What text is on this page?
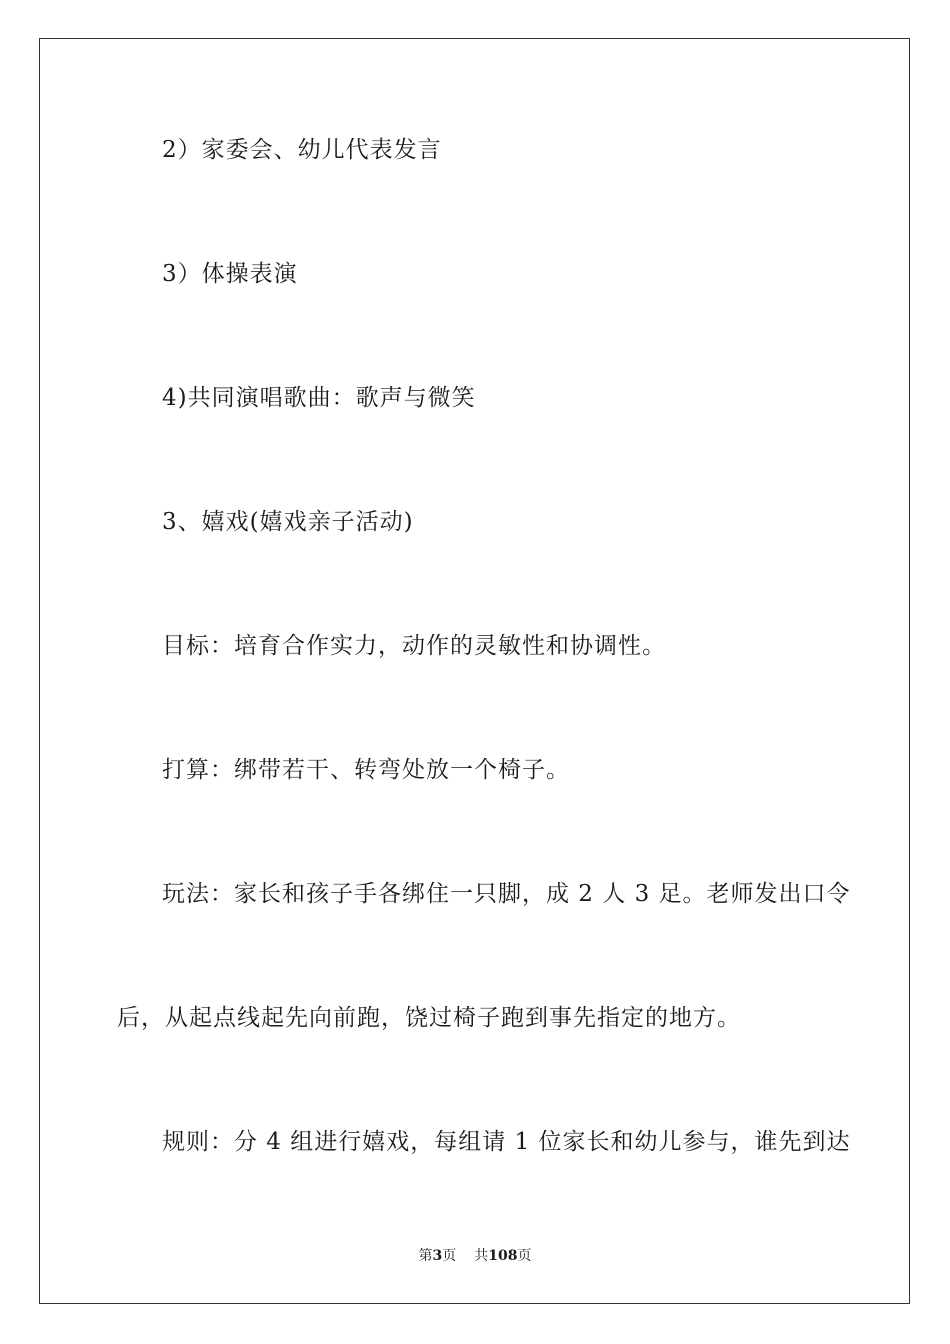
2）家委会、幼儿代表发言
3）体操表演
4)共同演唱歌曲：歌声与微笑
3、嬉戏(嬉戏亲子活动)
目标：培育合作实力，动作的灵敏性和协调性。
打算：绑带若干、转弯处放一个椅子。
玩法：家长和孩子手各绑住一只脚，成 2 人 3 足。老师发出口令
后，从起点线起先向前跑，饶过椅子跑到事先指定的地方。
规则：分 4 组进行嬉戏，每组请 1 位家长和幼儿参与，谁先到达
第3页 共108页
